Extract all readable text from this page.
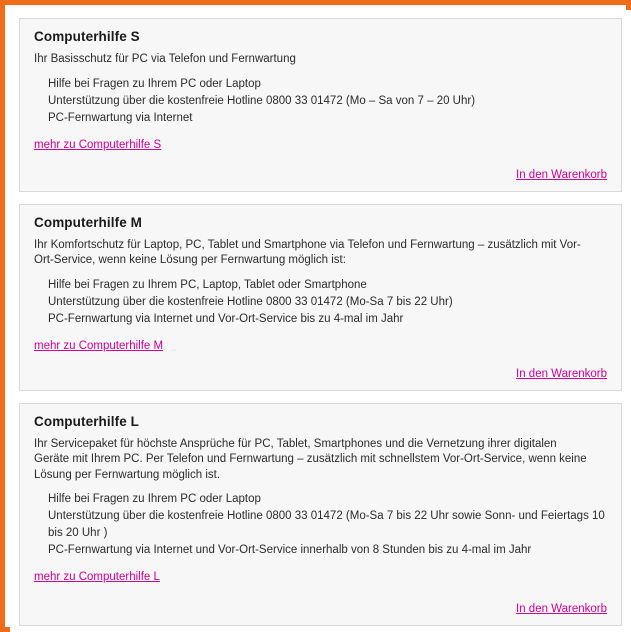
Computerhilfe S

Ihr Basisschutz für PC via Telefon und Fernwartung

Hilfe bei Fragen zu Ihrem PC oder Laptop
Unterstützung über die kostenfreie Hotline 0800 33 01472 (Mo – Sa von 7 – 20 Uhr)
PC-Fernwartung via Internet
mehr zu Computerhilfe S
In den Warenkorb
Computerhilfe M

Ihr Komfortschutz für Laptop, PC, Tablet und Smartphone via Telefon und Fernwartung – zusätzlich mit Vor-Ort-Service, wenn keine Lösung per Fernwartung möglich ist:

Hilfe bei Fragen zu Ihrem PC, Laptop, Tablet oder Smartphone
Unterstützung über die kostenfreie Hotline 0800 33 01472 (Mo-Sa 7 bis 22 Uhr)
PC-Fernwartung via Internet und Vor-Ort-Service bis zu 4-mal im Jahr
mehr zu Computerhilfe M
In den Warenkorb
Computerhilfe L

Ihr Servicepaket für höchste Ansprüche für PC, Tablet, Smartphones und die Vernetzung ihrer digitalen Geräte mit Ihrem PC. Per Telefon und Fernwartung – zusätzlich mit schnellstem Vor-Ort-Service, wenn keine Lösung per Fernwartung möglich ist.

Hilfe bei Fragen zu Ihrem PC oder Laptop
Unterstützung über die kostenfreie Hotline 0800 33 01472 (Mo-Sa 7 bis 22 Uhr sowie Sonn- und Feiertags 10 bis 20 Uhr )
PC-Fernwartung via Internet und Vor-Ort-Service innerhalb von 8 Stunden bis zu 4-mal im Jahr
mehr zu Computerhilfe L
In den Warenkorb
